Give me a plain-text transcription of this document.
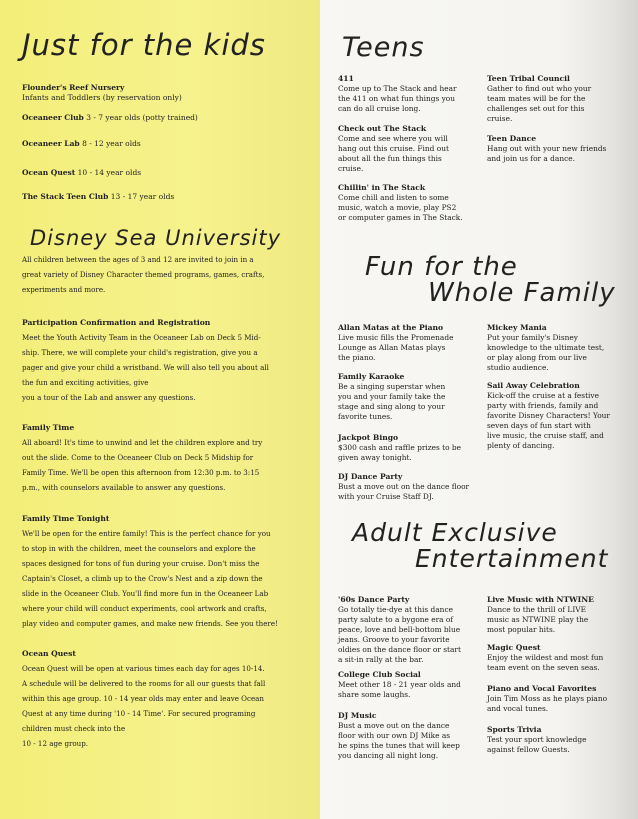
Just for the kids
Flounder's Reef Nursery
Infants and Toddlers (by reservation only)
Oceaneer Club 3 - 7 year olds (potty trained)
Oceaneer Lab 8 - 12 year olds
Ocean Quest 10 - 14 year olds
The Stack Teen Club 13 - 17 year olds
Disney Sea University
All children between the ages of 3 and 12 are invited to join in a
great variety of Disney Character themed programs, games, crafts,
experiments and more.
Participation Confirmation and Registration
Meet the Youth Activity Team in the Oceaneer Lab on Deck 5 Mid-
ship. There, we will complete your child's registration, give you a
pager and give your child a wristband. We will also tell you about all
the fun and exciting activities, give
you a tour of the Lab and answer any questions.
Family Time
All aboard! It's time to unwind and let the children explore and try
out the slide. Come to the Oceaneer Club on Deck 5 Midship for
Family Time. We'll be open this afternoon from 12:30 p.m. to 3:15
p.m., with counselors available to answer any questions.
Family Time Tonight
We'll be open for the entire family! This is the perfect chance for you
to stop in with the children, meet the counselors and explore the
spaces designed for tons of fun during your cruise. Don't miss the
Captain's Closet, a climb up to the Crow's Nest and a zip down the
slide in the Oceaneer Club. You'll find more fun in the Oceaneer Lab
where your child will conduct experiments, cool artwork and crafts,
play video and computer games, and make new friends. See you there!
Ocean Quest
Ocean Quest will be open at various times each day for ages 10-14.
A schedule will be delivered to the rooms for all our guests that fall
within this age group. 10 - 14 year olds may enter and leave Ocean
Quest at any time during '10 - 14 Time'. For secured programing
children must check into the
10 - 12 age group.
Teens
411
Come up to The Stack and hear
the 411 on what fun things you
can do all cruise long.
Check out The Stack
Come and see where you will
hang out this cruise. Find out
about all the fun things this
cruise.
Chillin' in The Stack
Come chill and listen to some
music, watch a movie, play PS2
or computer games in The Stack.
Teen Tribal Council
Gather to find out who your
team mates will be for the
challenges set out for this
cruise.
Teen Dance
Hang out with your new friends
and join us for a dance.
Fun for the
Whole Family
Allan Matas at the Piano
Live music fills the Promenade
Lounge as Allan Matas plays
the piano.
Family Karaoke
Be a singing superstar when
you and your family take the
stage and sing along to your
favorite tunes.
Jackpot Bingo
$300 cash and raffle prizes to be
given away tonight.
DJ Dance Party
Bust a move out on the dance floor
with your Cruise Staff DJ.
Mickey Mania
Put your family's Disney
knowledge to the ultimate test,
or play along from our live
studio audience.
Sail Away Celebration
Kick-off the cruise at a festive
party with friends, family and
favorite Disney Characters! Your
seven days of fun start with
live music, the cruise staff, and
plenty of dancing.
Adult Exclusive
Entertainment
'60s Dance Party
Go totally tie-dye at this dance
party salute to a bygone era of
peace, love and bell-bottom blue
jeans. Groove to your favorite
oldies on the dance floor or start
a sit-in rally at the bar.
College Club Social
Meet other 18 - 21 year olds and
share some laughs.
DJ Music
Bust a move out on the dance
floor with our own DJ Mike as
he spins the tunes that will keep
you dancing all night long.
Live Music with NTWINE
Dance to the thrill of LIVE
music as NTWINE play the
most popular hits.
Magic Quest
Enjoy the wildest and most fun
team event on the seven seas.
Piano and Vocal Favorites
Join Tim Moss as he plays piano
and vocal tunes.
Sports Trivia
Test your sport knowledge
against fellow Guests.
